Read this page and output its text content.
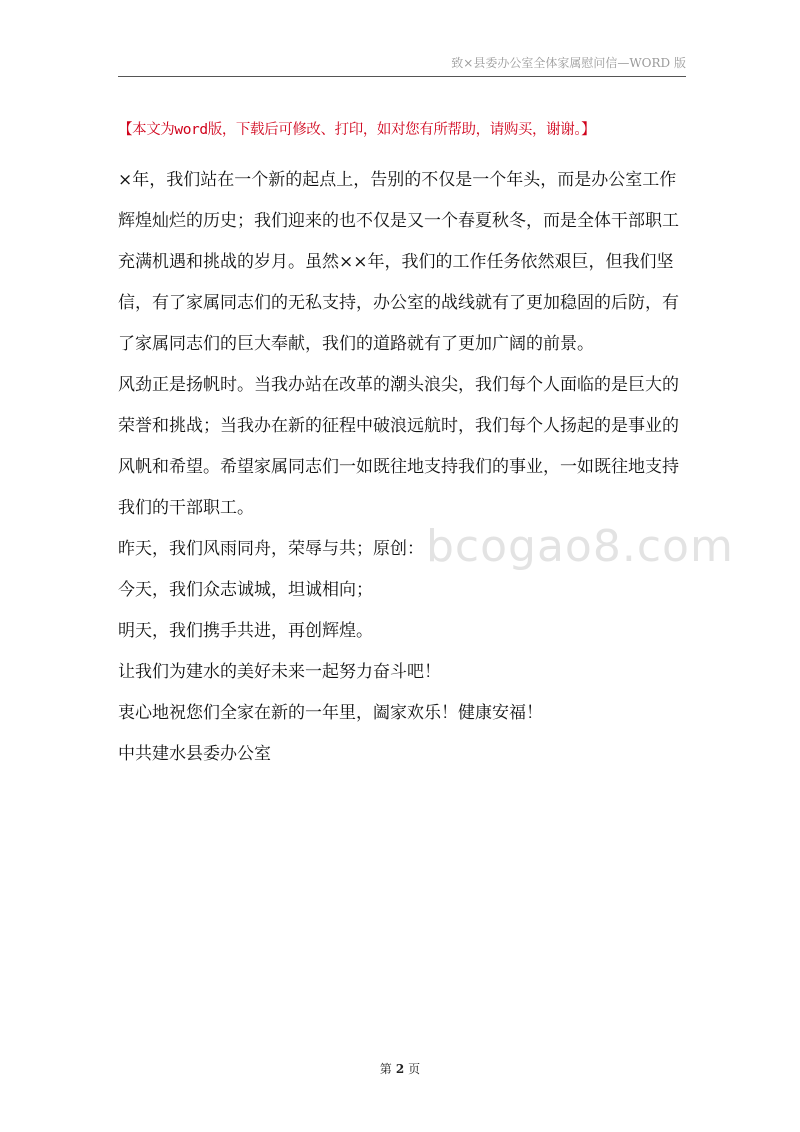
致×县委办公室全体家属慰问信—WORD 版
【本文为word版，下载后可修改、打印，如对您有所帮助，请购买，谢谢。】

×年，我们站在一个新的起点上，告别的不仅是一个年头，而是办公室工作辉煌灿烂的历史；我们迎来的也不仅是又一个春夏秋冬，而是全体干部职工充满机遇和挑战的岁月。虽然××年，我们的工作任务依然艰巨，但我们坚信，有了家属同志们的无私支持，办公室的战线就有了更加稳固的后防，有了家属同志们的巨大奉献，我们的道路就有了更加广阔的前景。

风劲正是扬帆时。当我办站在改革的潮头浪尖，我们每个人面临的是巨大的荣誉和挑战；当我办在新的征程中破浪远航时，我们每个人扬起的是事业的风帆和希望。希望家属同志们一如既往地支持我们的事业，一如既往地支持我们的干部职工。

昨天，我们风雨同舟，荣辱与共；原创：

今天，我们众志诚城，坦诚相向；

明天，我们携手共进，再创辉煌。

让我们为建水的美好未来一起努力奋斗吧！

衷心地祝您们全家在新的一年里，阖家欢乐！健康安福！

中共建水县委办公室

bcogao8.com
第 2 页
